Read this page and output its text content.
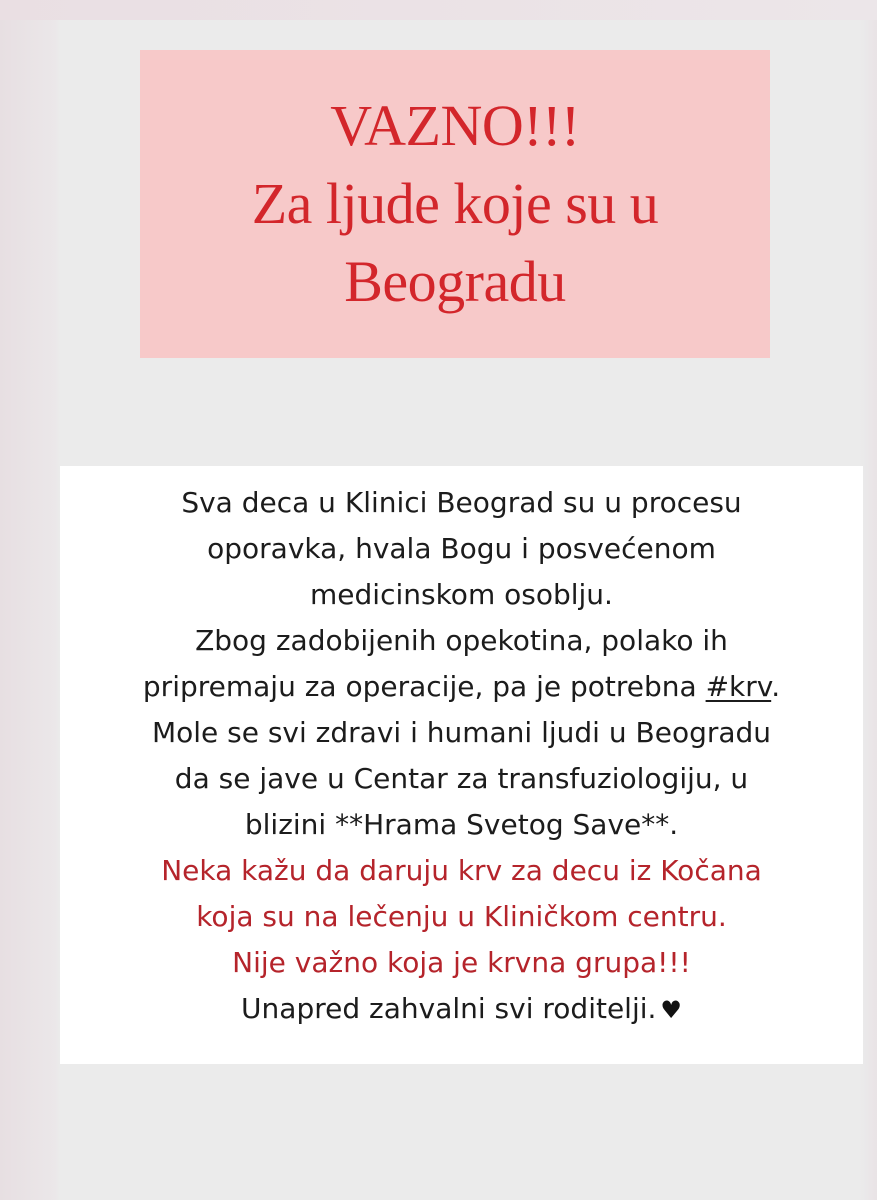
VAZNO!!!
Za ljude koje su u
Beogradu
Sva deca u Klinici Beograd su u procesu
oporavka, hvala Bogu i posvećenom
medicinskom osoblju.
Zbog zadobijenih opekotina, polako ih
pripremaju za operacije, pa je potrebna #krv.
Mole se svi zdravi i humani ljudi u Beogradu
da se jave u Centar za transfuziologiju, u
blizini **Hrama Svetog Save**.
Neka kažu da daruju krv za decu iz Kočana
koja su na lečenju u Kliničkom centru.
Nije važno koja je krvna grupa!!!
Unapred zahvalni svi roditelji. ♥
